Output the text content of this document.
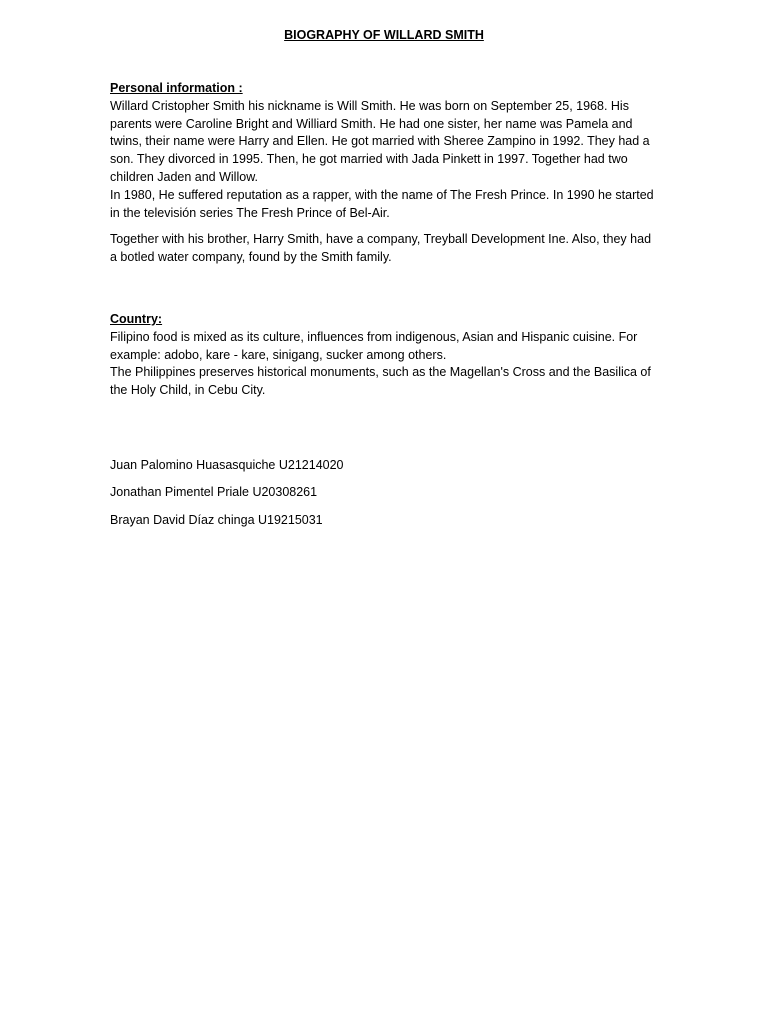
BIOGRAPHY OF WILLARD SMITH

Personal information :

Willard Cristopher Smith his nickname is Will Smith. He was born on September 25, 1968. His parents were Caroline Bright and Williard Smith. He had one sister, her name was Pamela and twins, their name were Harry and Ellen. He got married with Sheree Zampino in 1992. They had a son. They divorced in 1995. Then, he got married with Jada Pinkett in 1997. Together had two children Jaden and Willow.

In 1980, He suffered reputation as a rapper, with the name of The Fresh Prince. In 1990 he started in the televisión series The Fresh Prince of Bel-Air.

Together with his brother, Harry Smith, have a company, Treyball Development Ine. Also, they had a botled water company, found by the Smith family.

Country:

Filipino food is mixed as its culture, influences from indigenous, Asian and Hispanic cuisine. For example: adobo, kare - kare, sinigang, sucker among others.

The Philippines preserves historical monuments, such as the Magellan's Cross and the Basilica of the Holy Child, in Cebu City.

Juan Palomino Huasasquiche U21214020

Jonathan Pimentel Priale U20308261

Brayan David Díaz chinga U19215031
